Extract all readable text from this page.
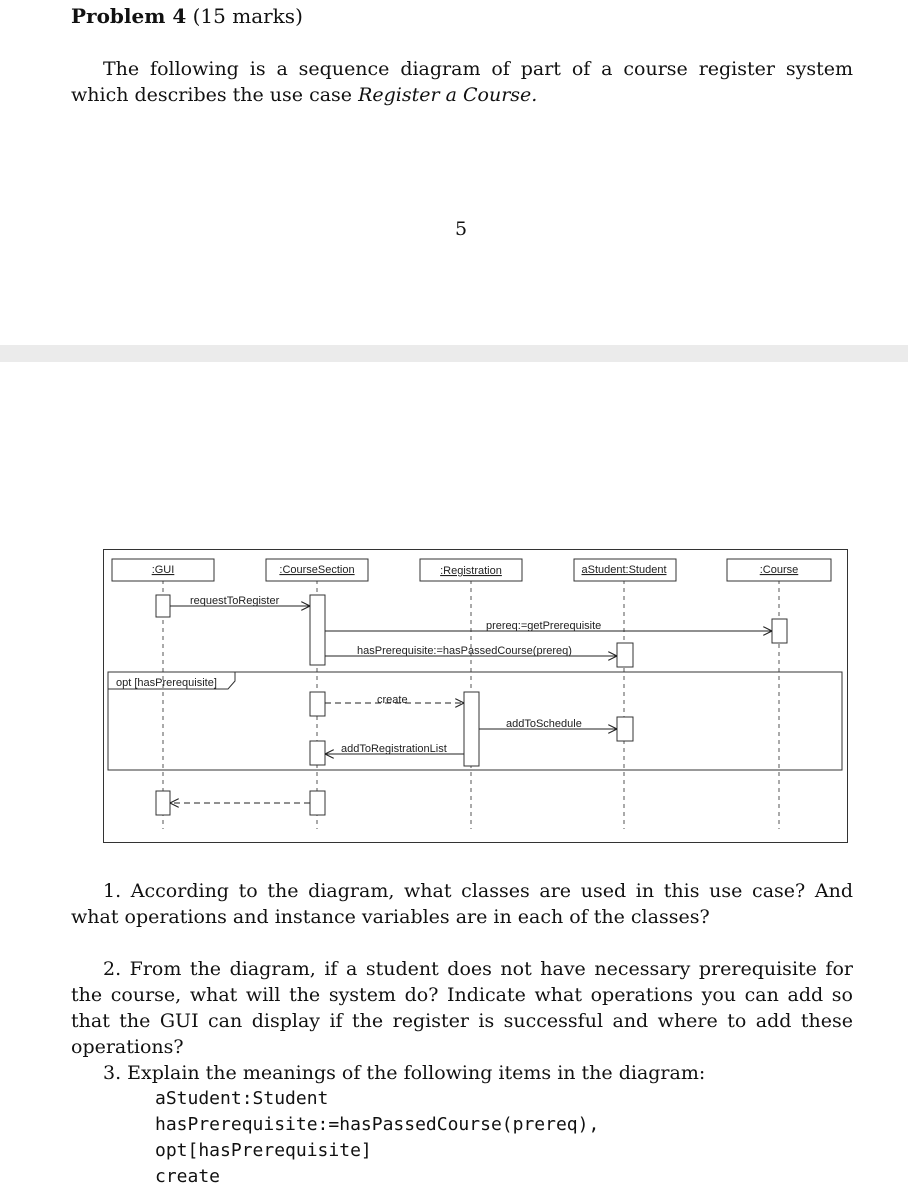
Problem 4 (15 marks)
The following is a sequence diagram of part of a course register system which describes the use case Register a Course.
5
opt [hasPrerequisite]
:GUI	:CourseSection	:Registration	aStudent:Student	:Course
requestToRegister
prereq:=getPrerequisite
hasPrerequisite:=hasPassedCourse(prereq)
create
addToSchedule
addToRegistrationList
1. According to the diagram, what classes are used in this use case? And what operations and instance variables are in each of the classes?
2. From the diagram, if a student does not have necessary prerequisite for the course, what will the system do? Indicate what operations you can add so that the GUI can display if the register is successful and where to add these operations?
3. Explain the meanings of the following items in the diagram:
aStudent:Student
hasPrerequisite:=hasPassedCourse(prereq),
opt[hasPrerequisite]
create
